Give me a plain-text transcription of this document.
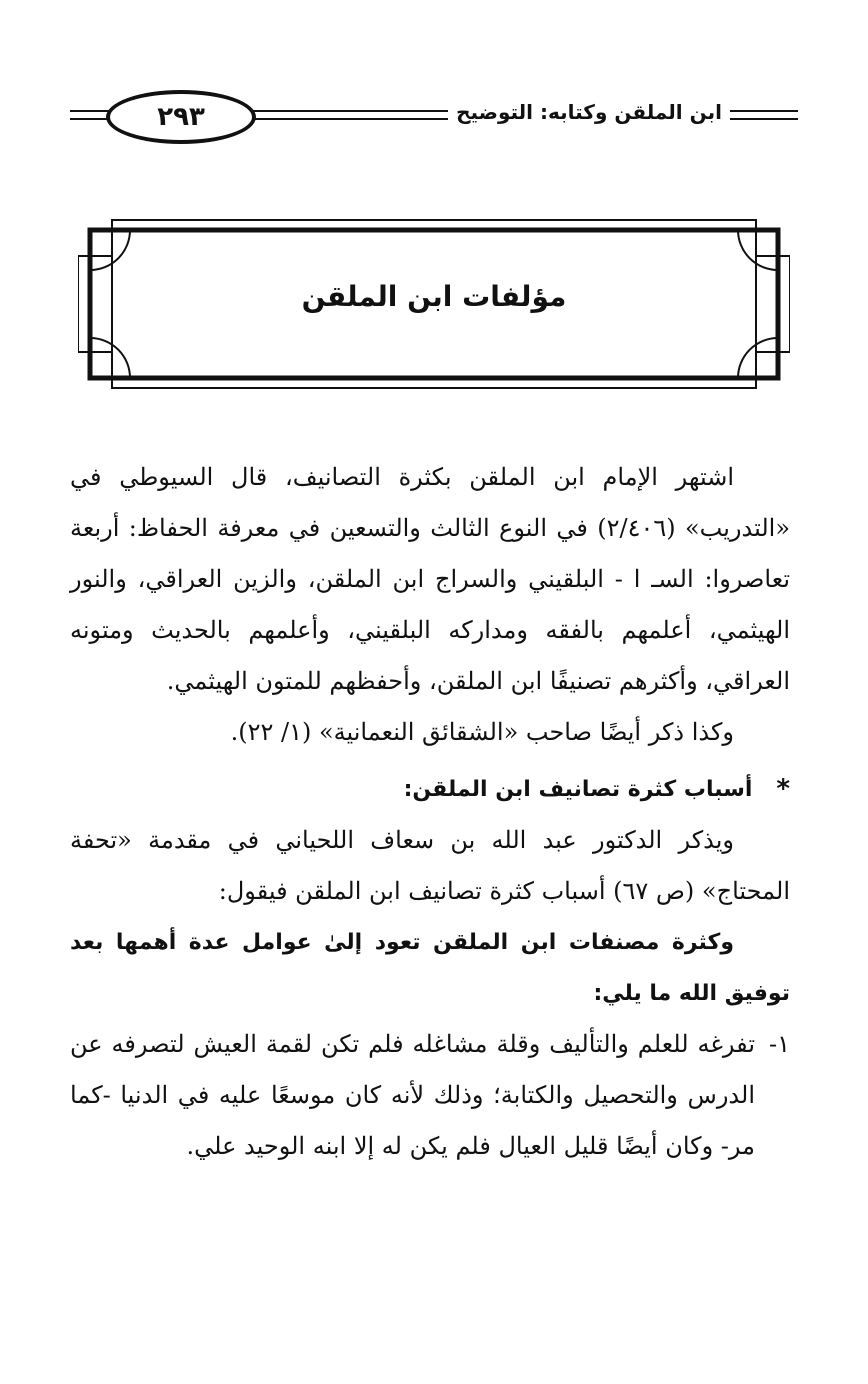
٢٩٣	ابن الملقن وكتابه: التوضيح
مؤلفات ابن الملقن

اشتهر الإمام ابن الملقن بكثرة التصانيف، قال السيوطي في «التدريب» (٢/٤٠٦) في النوع الثالث والتسعين في معرفة الحفاظ: أربعة تعاصروا: السـ ا - البلقيني والسراج ابن الملقن، والزين العراقي، والنور الهيثمي، أعلمهم بالفقه ومداركه البلقيني، وأعلمهم بالحديث ومتونه العراقي، وأكثرهم تصنيفًا ابن الملقن، وأحفظهم للمتون الهيثمي.

وكذا ذكر أيضًا صاحب «الشقائق النعمانية» (١/ ٢٢).

*
أسباب كثرة تصانيف ابن الملقن:

ويذكر الدكتور عبد الله بن سعاف اللحياني في مقدمة «تحفة المحتاج» (ص ٦٧) أسباب كثرة تصانيف ابن الملقن فيقول:

وكثرة مصنفات ابن الملقن تعود إلىٰ عوامل عدة أهمها بعد توفيق الله ما يلي:

١-
تفرغه للعلم والتأليف وقلة مشاغله فلم تكن لقمة العيش لتصرفه عن الدرس والتحصيل والكتابة؛ وذلك لأنه كان موسعًا عليه في الدنيا -كما مر- وكان أيضًا قليل العيال فلم يكن له إلا ابنه الوحيد علي.
